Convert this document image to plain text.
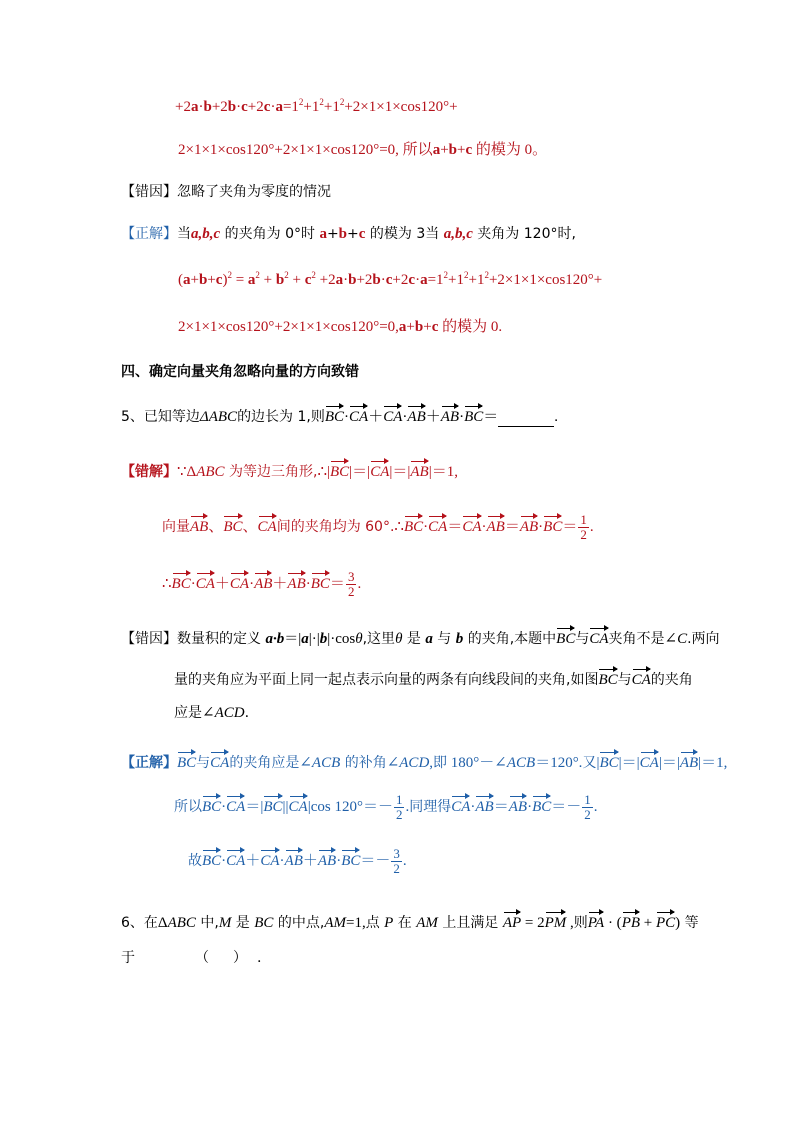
$+2a\cdot b+2b\cdot c+2c\cdot a=1^2+1^2+1^2+2\times 1\times 1\times\cos 120^\circ+$
2×1×1×cos120°+2×1×1×cos120°=0, 所以a+b+c 的模为 0。
【错因】忽略了夹角为零度的情况
【正解】当a,b,c 的夹角为 0°时 a+b+c 的模为 3当 a,b,c 夹角为 120°时,
$(a+b+c)^2 = a^2 + b^2 + c^2 +2a\cdot b+2b\cdot c+2c\cdot a=1^2+1^2+1^2+2\times 1\times 1\times\cos 120^\circ+$
2×1×1×cos120°+2×1×1×cos120°=0,a+b+c 的模为 0.
四、确定向量夹角忽略向量的方向致错
5、已知等边ΔABC的边长为 1,则BC·CA＋CA·AB＋AB·BC＝	.
【错解】∵ΔABC 为等边三角形,∴|BC|＝|CA|＝|AB|＝1,
向量AB、BC、CA间的夹角均为 60°.∴BC·CA＝CA·AB＝AB·BC＝ $\frac{1}{2}$ .
∴BC·CA＋CA·AB＋AB·BC＝ $\frac{3}{2}$ .
【错因】数量积的定义 a·b＝|a|·|b|·cosθ,这里θ 是 a 与 b 的夹角,本题中BC与CA夹角不是∠C.两向
量的夹角应为平面上同一起点表示向量的两条有向线段间的夹角,如图BC与CA的夹角
应是∠ACD.
【正解】BC与CA的夹角应是∠ACB 的补角∠ACD,即 180°－∠ACB＝120°.又|BC|＝|CA|＝|AB|＝1,
所以BC·CA＝|BC||CA|cos $120^\circ=- \frac{1}{2}$ .同理得$CA\cdot AB=AB\cdot BC=- \frac{1}{2}$ .
故$BC\cdot CA+CA\cdot AB+AB\cdot BC=- \frac{3}{2}$ .
6、在ΔABC 中,M 是 BC 的中点,AM=1,点 P 在 AM 上且满足 AP = 2PM ,则PA · (PB + PC) 等
于	（ ） .
